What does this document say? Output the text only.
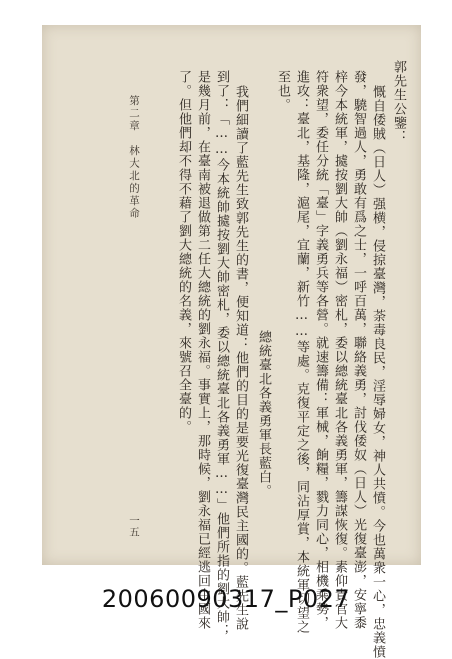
郭先生公鑒：
慨自倭賊（日人）强横，侵掠臺灣，荼毒良民，淫辱婦女，神人共憤。今也萬衆一心，忠義憤
發，驍智過人，勇敢有爲之士，一呼百萬，聯絡義勇，討伐倭奴（日人）光復臺澎，安寧黍
梓今本統軍，㨿按劉大帥（劉永福）密札，委以總統臺北各義勇軍，籌謀恢復。素仰貴官大
符衆望，委任分統「臺」字義勇兵等各營。就速籌備：軍械，餉糧，戮力同心，相機乘勢，
進攻：臺北，基隆，滬尾，宜蘭，新竹……等處。克復平定之後，同沾厚賞，本統軍切望之
至也。
總統臺北各義勇軍長藍白。
我們細讀了藍先生致郭先生的書，便知道：他們的目的是要光復臺灣民主國的。藍先生說
到了：「……今本統帥㨿按劉大帥密札，委以總統臺北各義勇軍……」他們所指的劉大帥；
是幾月前，在臺南被退做第二任大總統的劉永福。事實上，那時候，劉永福已經逃回中國來
了。但他們却不得不藉了劉大總統的名義，來號召全臺的。
第二章　林大北的革命
一五
20060090317_P027
